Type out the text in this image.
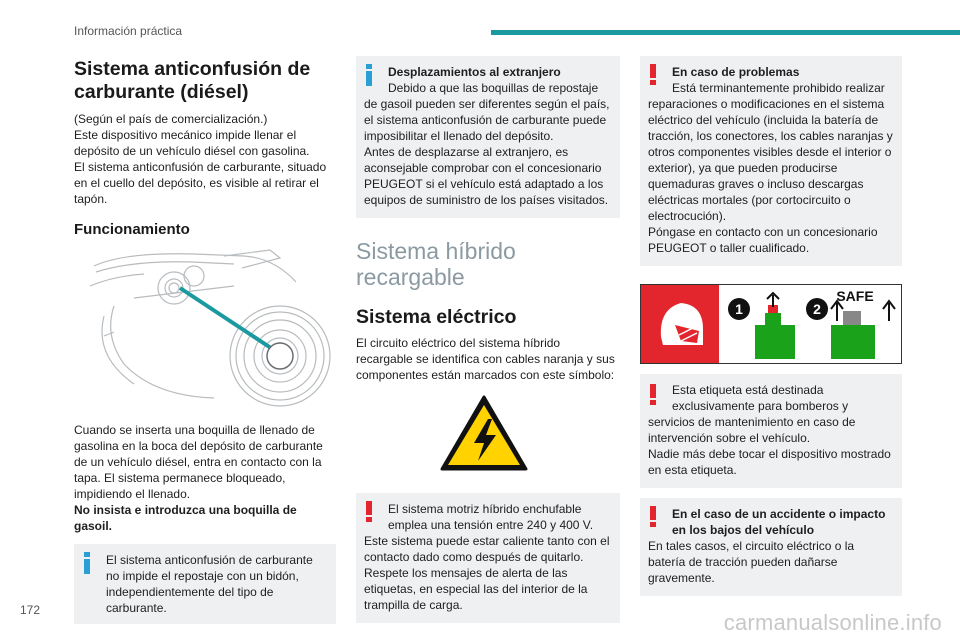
Información práctica
172	carmanualsonline.info
Sistema anticonfusión de carburante (diésel)

(Según el país de comercialización.)

Este dispositivo mecánico impide llenar el depósito de un vehículo diésel con gasolina.

El sistema anticonfusión de carburante, situado en el cuello del depósito, es visible al retirar el tapón.

Funcionamiento

Cuando se inserta una boquilla de llenado de gasolina en la boca del depósito de carburante de un vehículo diésel, entra en contacto con la tapa. El sistema permanece bloqueado, impidiendo el llenado.

No insista e introduzca una boquilla de gasoil.

El sistema anticonfusión de carburante
no impide el repostaje con un bidón, independientemente del tipo de carburante.
Desplazamientos al extranjero
Debido a que las boquillas de repostaje
de gasoil pueden ser diferentes según el país, el sistema anticonfusión de carburante puede imposibilitar el llenado del depósito.
Antes de desplazarse al extranjero, es aconsejable comprobar con el concesionario PEUGEOT si el vehículo está adaptado a los equipos de suministro de los países visitados.
Sistema híbrido recargable
Sistema eléctrico

El circuito eléctrico del sistema híbrido recargable se identifica con cables naranja y sus componentes están marcados con este símbolo:

El sistema motriz híbrido enchufable
emplea una tensión entre 240 y 400 V.
Este sistema puede estar caliente tanto con el contacto dado como después de quitarlo. Respete los mensajes de alerta de las etiquetas, en especial las del interior de la trampilla de carga.
En caso de problemas
Está terminantemente prohibido realizar
reparaciones o modificaciones en el sistema eléctrico del vehículo (incluida la batería de tracción, los conectores, los cables naranjas y otros componentes visibles desde el interior o exterior), ya que pueden producirse quemaduras graves o incluso descargas eléctricas mortales (por cortocircuito o electrocución).
Póngase en contacto con un concesionario PEUGEOT o taller cualificado.
1	2
SAFE
Esta etiqueta está destinada
exclusivamente para bomberos y
servicios de mantenimiento en caso de intervención sobre el vehículo.
Nadie más debe tocar el dispositivo mostrado en esta etiqueta.
En el caso de un accidente o impacto
en los bajos del vehículo
En tales casos, el circuito eléctrico o la batería de tracción pueden dañarse gravemente.
